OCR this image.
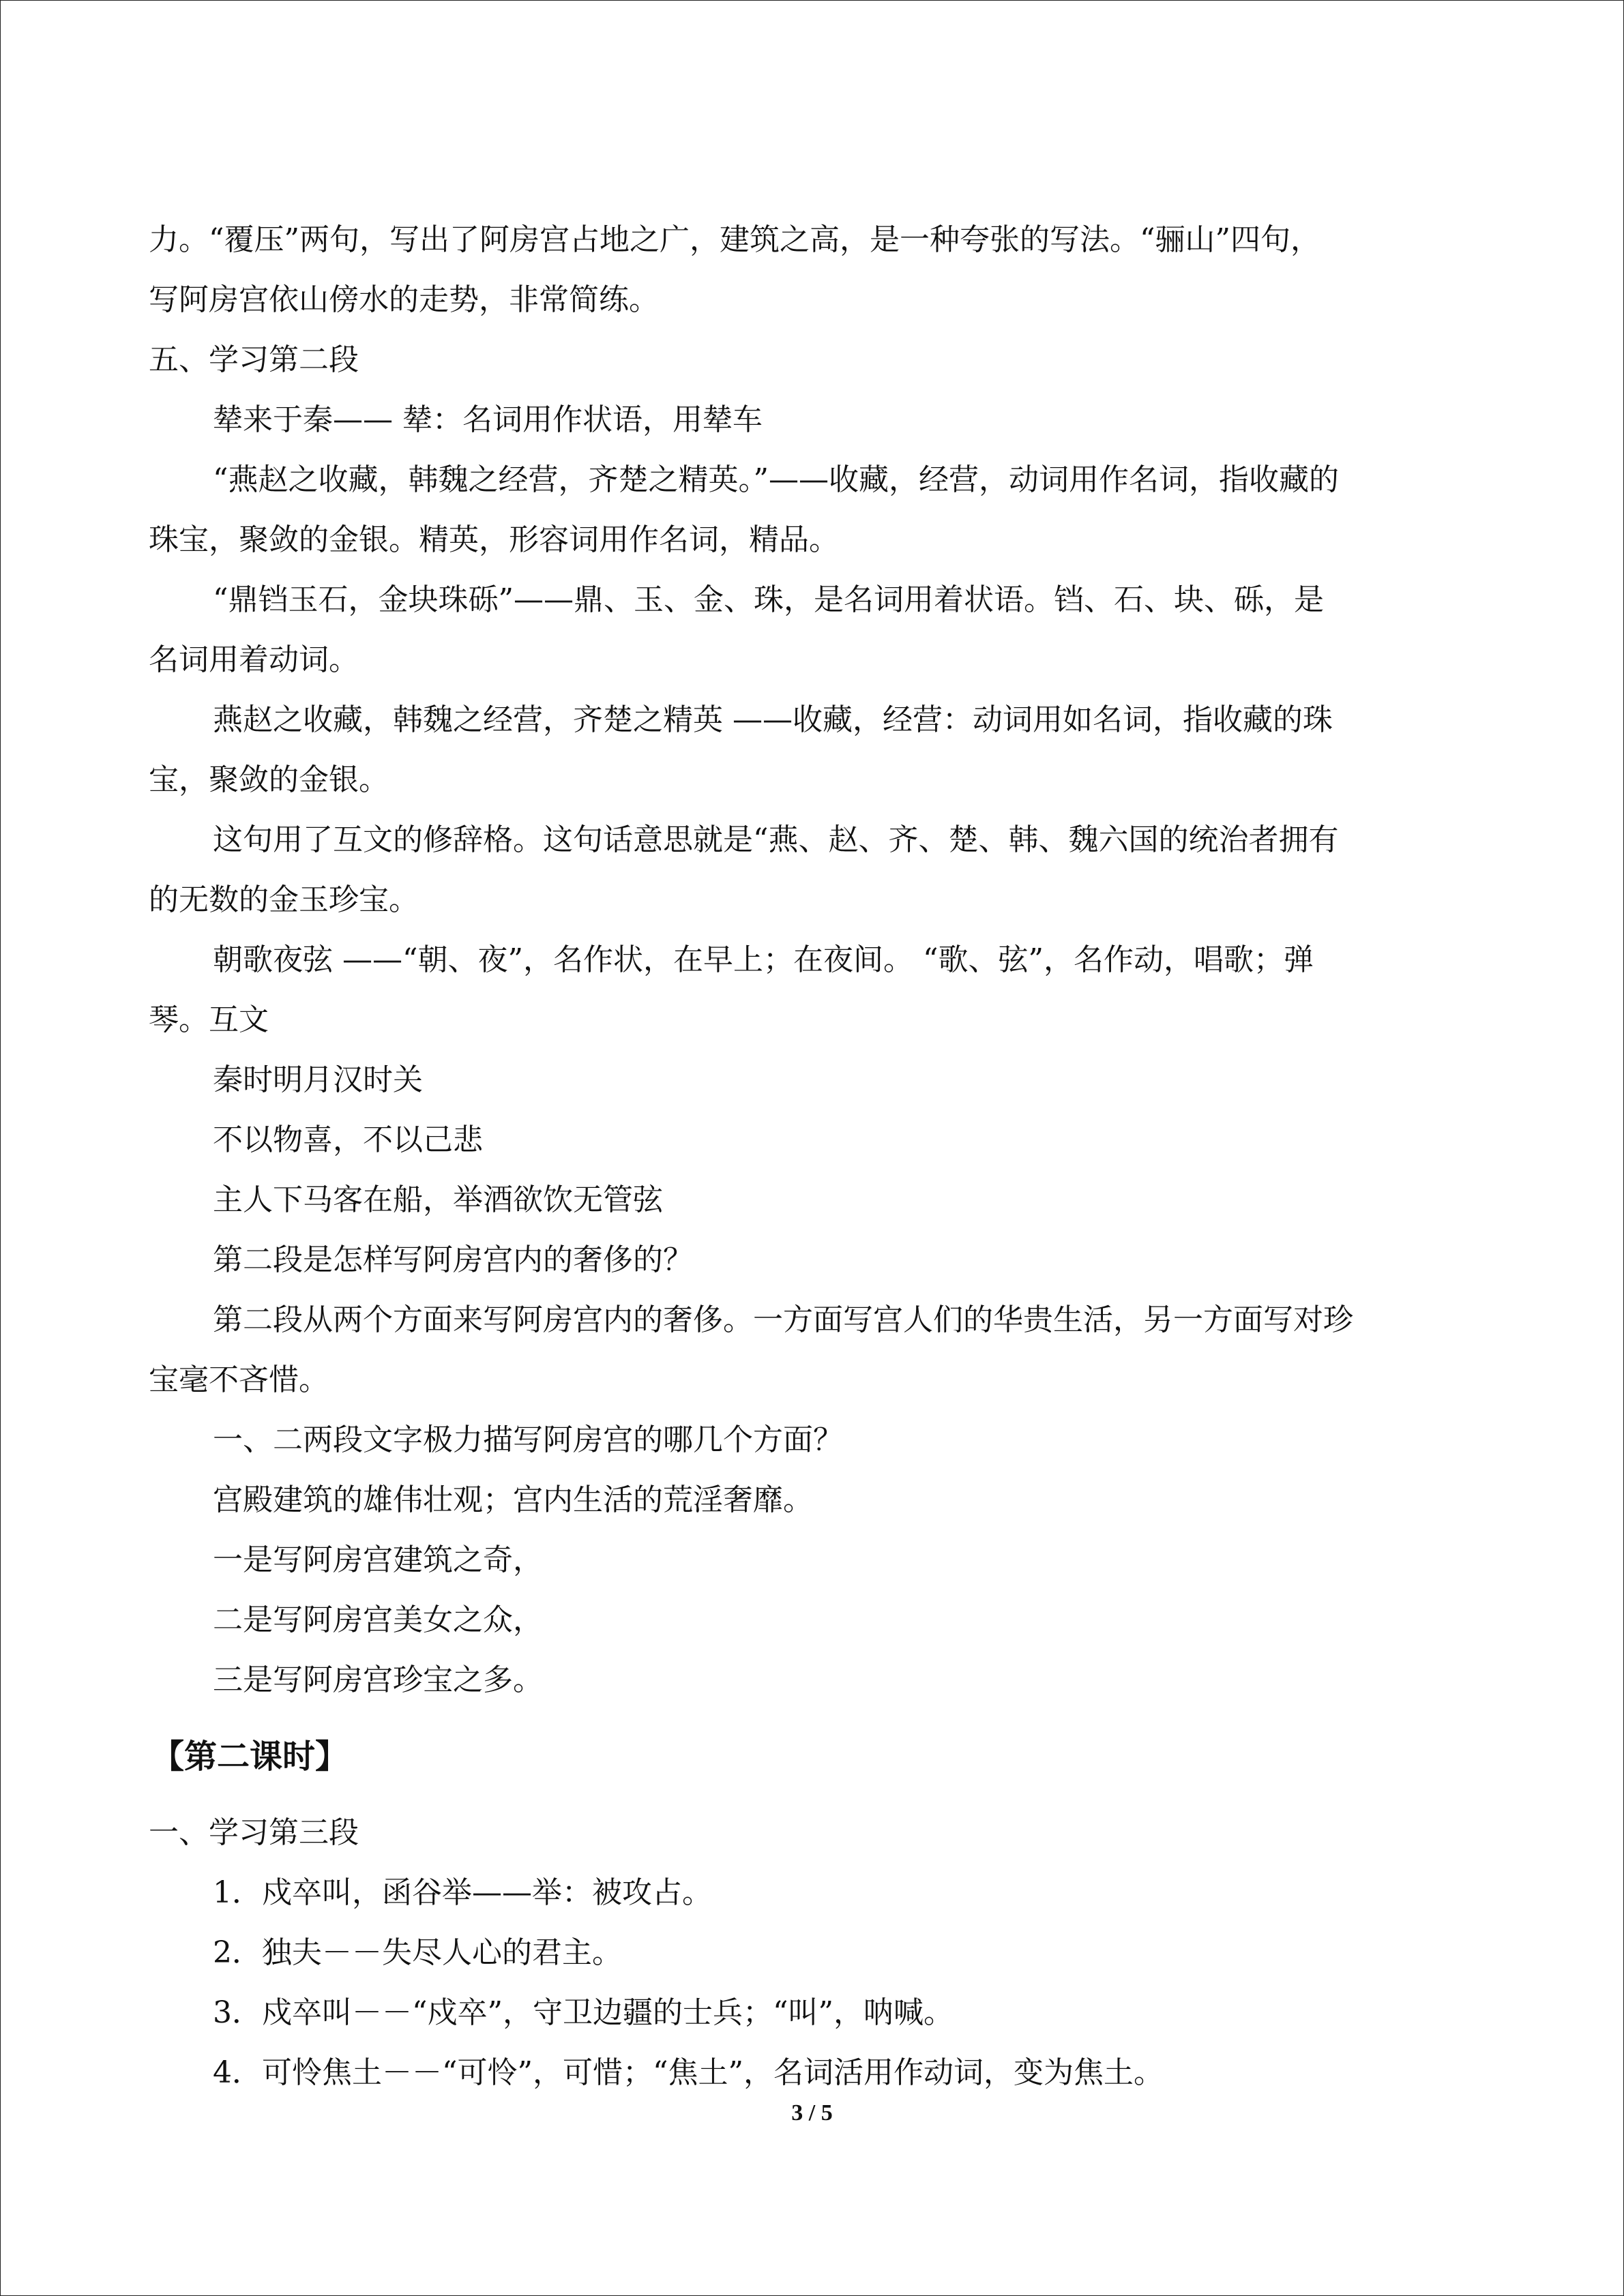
力。“覆压”两句，写出了阿房宫占地之广，建筑之高，是一种夸张的写法。“骊山”四句，
写阿房宫依山傍水的走势，非常简练。
五、学习第二段
辇来于秦—— 辇：名词用作状语，用辇车
“燕赵之收藏，韩魏之经营，齐楚之精英。”——收藏，经营，动词用作名词，指收藏的
珠宝，聚敛的金银。精英，形容词用作名词，精品。
“鼎铛玉石，金块珠砾”——鼎、玉、金、珠，是名词用着状语。铛、石、块、砾，是
名词用着动词。
燕赵之收藏，韩魏之经营，齐楚之精英 ——收藏，经营：动词用如名词，指收藏的珠
宝，聚敛的金银。
这句用了互文的修辞格。这句话意思就是“燕、赵、齐、楚、韩、魏六国的统治者拥有
的无数的金玉珍宝。
朝歌夜弦 ——“朝、夜”，名作状，在早上；在夜间。 “歌、弦”，名作动，唱歌；弹
琴。互文
秦时明月汉时关
不以物喜，不以己悲
主人下马客在船，举酒欲饮无管弦
第二段是怎样写阿房宫内的奢侈的？
第二段从两个方面来写阿房宫内的奢侈。一方面写宫人们的华贵生活，另一方面写对珍
宝毫不吝惜。
一、二两段文字极力描写阿房宫的哪几个方面？
宫殿建筑的雄伟壮观；宫内生活的荒淫奢靡。
一是写阿房宫建筑之奇，
二是写阿房宫美女之众，
三是写阿房宫珍宝之多。
【第二课时】
一、学习第三段
1．戍卒叫，函谷举——举：被攻占。
2．独夫－－失尽人心的君主。
3．戍卒叫－－“戍卒”，守卫边疆的士兵；“叫”，呐喊。
4．可怜焦土－－“可怜”，可惜；“焦土”，名词活用作动词，变为焦土。
3 / 5
